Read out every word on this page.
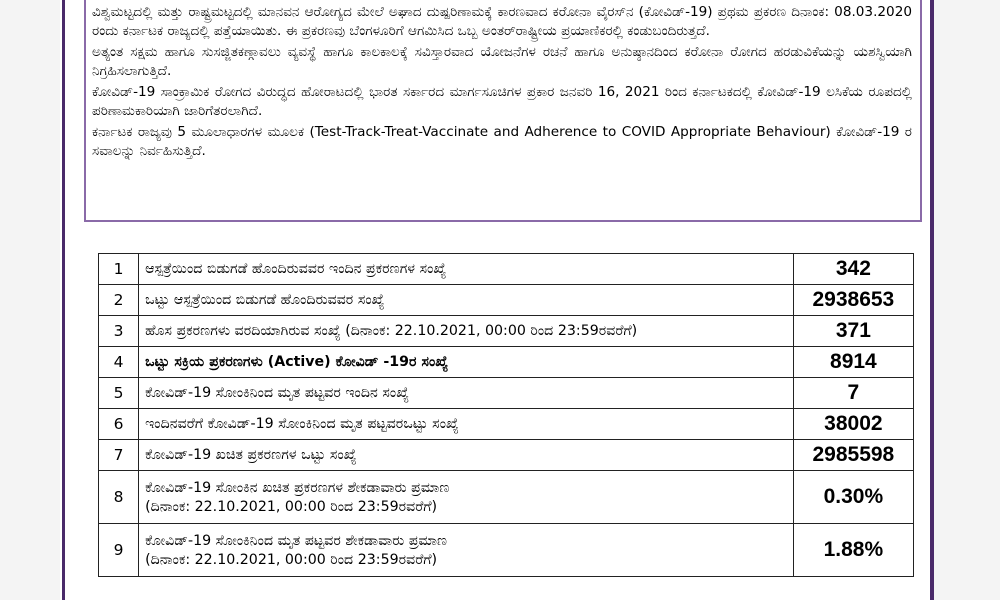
ವಿಶ್ವಮಟ್ಟದಲ್ಲಿ ಮತ್ತು ರಾಷ್ಟ್ರಮಟ್ಟದಲ್ಲಿ ಮಾನವನ ಆರೋಗ್ಯದ ಮೇಲೆ ಅಘಾದ ದುಷ್ಪರಿಣಾಮಕ್ಕೆ ಕಾರಣವಾದ ಕರೋನಾ ವೈರಸ್‌ನ (ಕೋವಿಡ್-19) ಪ್ರಥಮ ಪ್ರಕರಣ ದಿನಾಂಕ: 08.03.2020 ರಂದು ಕರ್ನಾಟಕ ರಾಜ್ಯದಲ್ಲಿ ಪತ್ತೆಯಾಯಿತು. ಈ ಪ್ರಕರಣವು ಬೆಂಗಳೂರಿಗೆ ಆಗಮಿಸಿದ ಒಬ್ಬ ಅಂತರ್‌ರಾಷ್ಟ್ರೀಯ ಪ್ರಯಾಣಿಕರಲ್ಲಿ ಕಂಡುಬಂದಿರುತ್ತದೆ.

ಅತ್ಯಂತ ಸಕ್ಷಮ ಹಾಗೂ ಸುಸಜ್ಜಿತಕಣ್ಗಾವಲು ವ್ಯವಸ್ಥೆ ಹಾಗೂ ಕಾಲಕಾಲಕ್ಕೆ ಸವಿಸ್ತಾರವಾದ ಯೋಜನೆಗಳ ರಚನೆ ಹಾಗೂ ಅನುಷ್ಠಾನದಿಂದ ಕರೋನಾ ರೋಗದ ಹರಡುವಿಕೆಯನ್ನು ಯಶಸ್ವಿಯಾಗಿ ನಿಗ್ರಹಿಸಲಾಗುತ್ತಿದೆ.

ಕೋವಿಡ್-19 ಸಾಂಕ್ರಾಮಿಕ ರೋಗದ ವಿರುದ್ಧದ ಹೋರಾಟದಲ್ಲಿ ಭಾರತ ಸರ್ಕಾರದ ಮಾರ್ಗಸೂಚಿಗಳ ಪ್ರಕಾರ ಜನವರಿ 16, 2021 ರಿಂದ ಕರ್ನಾಟಕದಲ್ಲಿ ಕೋವಿಡ್-19 ಲಸಿಕೆಯ ರೂಪದಲ್ಲಿ ಪರಿಣಾಮಕಾರಿಯಾಗಿ ಜಾರಿಗೆತರಲಾಗಿದೆ.

ಕರ್ನಾಟಕ ರಾಜ್ಯವು 5 ಮೂಲಾಧಾರಗಳ ಮೂಲಕ (Test-Track-Treat-Vaccinate and Adherence to COVID Appropriate Behaviour) ಕೋವಿಡ್-19 ರ ಸವಾಲನ್ನು ನಿರ್ವಹಿಸುತ್ತಿದೆ.

1	ಆಸ್ಪತ್ರೆಯಿಂದ ಬಿಡುಗಡೆ ಹೊಂದಿರುವವರ ಇಂದಿನ ಪ್ರಕರಣಗಳ ಸಂಖ್ಯೆ	342
2	ಒಟ್ಟು ಆಸ್ಪತ್ರೆಯಿಂದ ಬಿಡುಗಡೆ ಹೊಂದಿರುವವರ ಸಂಖ್ಯೆ	2938653
3	ಹೊಸ ಪ್ರಕರಣಗಳು ವರದಿಯಾಗಿರುವ ಸಂಖ್ಯೆ (ದಿನಾಂಕ: 22.10.2021, 00:00 ರಿಂದ 23:59ರವರೆಗೆ)	371
4	ಒಟ್ಟು ಸಕ್ರಿಯ ಪ್ರಕರಣಗಳು (Active) ಕೋವಿಡ್ -19ರ ಸಂಖ್ಯೆ	8914
5	ಕೋವಿಡ್-19 ಸೋಂಕಿನಿಂದ ಮೃತ ಪಟ್ಟವರ ಇಂದಿನ ಸಂಖ್ಯೆ	7
6	ಇಂದಿನವರೆಗೆ ಕೋವಿಡ್-19 ಸೋಂಕಿನಿಂದ ಮೃತ ಪಟ್ಟವರಒಟ್ಟು ಸಂಖ್ಯೆ	38002
7	ಕೋವಿಡ್-19 ಖಚಿತ ಪ್ರಕರಣಗಳ ಒಟ್ಟು ಸಂಖ್ಯೆ	2985598
8	ಕೋವಿಡ್-19 ಸೋಂಕಿನ ಖಚಿತ ಪ್ರಕರಣಗಳ ಶೇಕಡಾವಾರು ಪ್ರಮಾಣ
(ದಿನಾಂಕ: 22.10.2021, 00:00 ರಿಂದ 23:59ರವರೆಗೆ)	0.30%
9	ಕೋವಿಡ್-19 ಸೋಂಕಿನಿಂದ ಮೃತ ಪಟ್ಟವರ ಶೇಕಡಾವಾರು ಪ್ರಮಾಣ
(ದಿನಾಂಕ: 22.10.2021, 00:00 ರಿಂದ 23:59ರವರೆಗೆ)	1.88%
